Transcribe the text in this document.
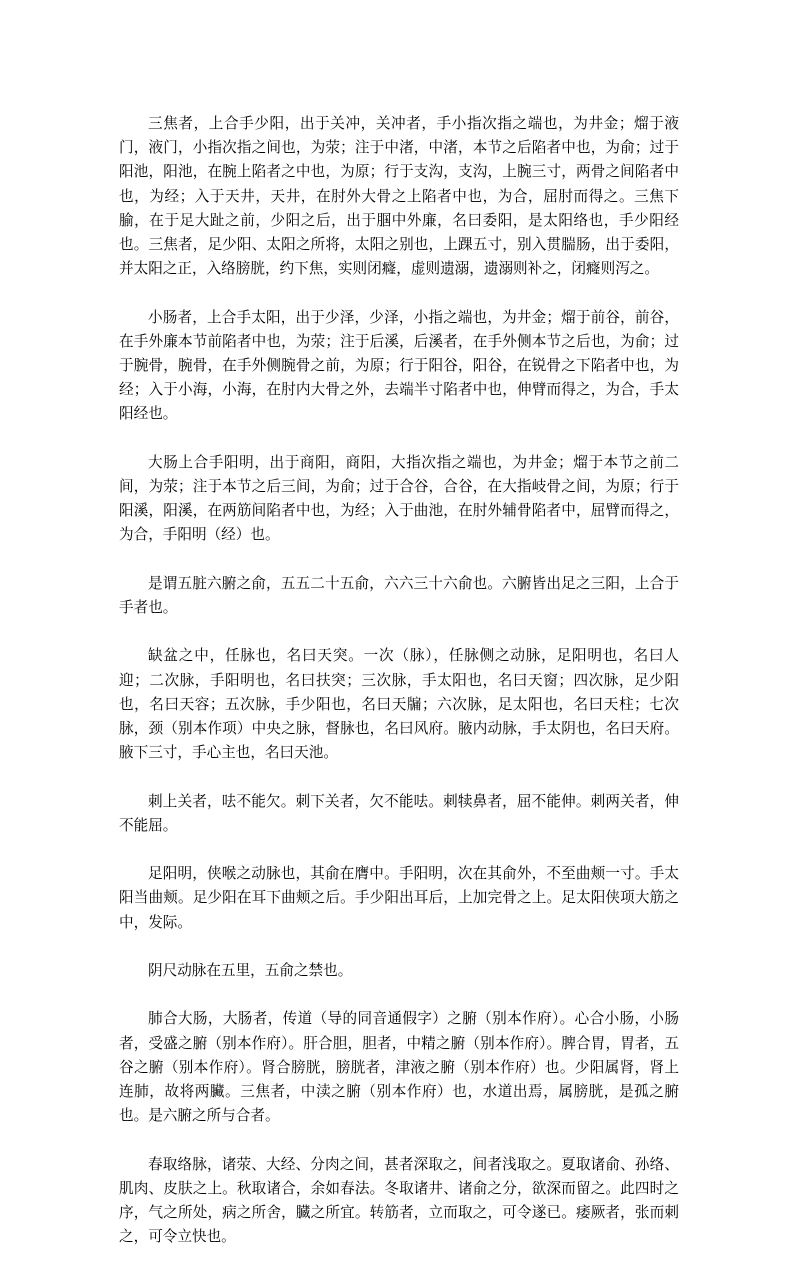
三焦者，上合手少阳，出于关冲，关冲者，手小指次指之端也，为井金；熘于液门，液门，小指次指之间也，为荥；注于中渚，中渚，本节之后陷者中也，为俞；过于阳池，阳池，在腕上陷者之中也，为原；行于支沟，支沟，上腕三寸，两骨之间陷者中也，为经；入于天井，天井，在肘外大骨之上陷者中也，为合，屈肘而得之。三焦下腧，在于足大趾之前，少阳之后，出于腘中外廉，名曰委阳，是太阳络也，手少阳经也。三焦者，足少阳、太阳之所将，太阳之别也，上踝五寸，别入贯腨肠，出于委阳，并太阳之正，入络膀胱，约下焦，实则闭癃，虚则遗溺，遗溺则补之，闭癃则泻之。

小肠者，上合手太阳，出于少泽，少泽，小指之端也，为井金；熘于前谷，前谷，在手外廉本节前陷者中也，为荥；注于后溪，后溪者，在手外侧本节之后也，为俞；过于腕骨，腕骨，在手外侧腕骨之前，为原；行于阳谷，阳谷，在锐骨之下陷者中也，为经；入于小海，小海，在肘内大骨之外，去端半寸陷者中也，伸臂而得之，为合，手太阳经也。

大肠上合手阳明，出于商阳，商阳，大指次指之端也，为井金；熘于本节之前二间，为荥；注于本节之后三间，为俞；过于合谷，合谷，在大指岐骨之间，为原；行于阳溪，阳溪，在两筋间陷者中也，为经；入于曲池，在肘外辅骨陷者中，屈臂而得之，为合，手阳明（经）也。

是谓五脏六腑之俞，五五二十五俞，六六三十六俞也。六腑皆出足之三阳，上合于手者也。

缺盆之中，任脉也，名曰天突。一次（脉），任脉侧之动脉，足阳明也，名曰人迎；二次脉，手阳明也，名曰扶突；三次脉，手太阳也，名曰天窗；四次脉，足少阳也，名曰天容；五次脉，手少阳也，名曰天牖；六次脉，足太阳也，名曰天柱；七次脉，颈（别本作项）中央之脉，督脉也，名曰风府。腋内动脉，手太阴也，名曰天府。腋下三寸，手心主也，名曰天池。

刺上关者，呿不能欠。刺下关者，欠不能呿。刺犊鼻者，屈不能伸。刺两关者，伸不能屈。

足阳明，侠喉之动脉也，其俞在膺中。手阳明，次在其俞外，不至曲颊一寸。手太阳当曲颊。足少阳在耳下曲颊之后。手少阳出耳后，上加完骨之上。足太阳侠项大筋之中，发际。

阴尺动脉在五里，五俞之禁也。

肺合大肠，大肠者，传道（导的同音通假字）之腑（别本作府）。心合小肠，小肠者，受盛之腑（别本作府）。肝合胆，胆者，中精之腑（别本作府）。脾合胃，胃者，五谷之腑（别本作府）。肾合膀胱，膀胱者，津液之腑（别本作府）也。少阳属肾，肾上连肺，故将两臟。三焦者，中渎之腑（别本作府）也，水道出焉，属膀胱，是孤之腑也。是六腑之所与合者。

春取络脉，诸荥、大经、分肉之间，甚者深取之，间者浅取之。夏取诸俞、孙络、肌肉、皮肤之上。秋取诸合，余如春法。冬取诸井、诸俞之分，欲深而留之。此四时之序，气之所处，病之所舍，臓之所宜。转筋者，立而取之，可令遂已。痿厥者，张而刺之，可令立快也。
